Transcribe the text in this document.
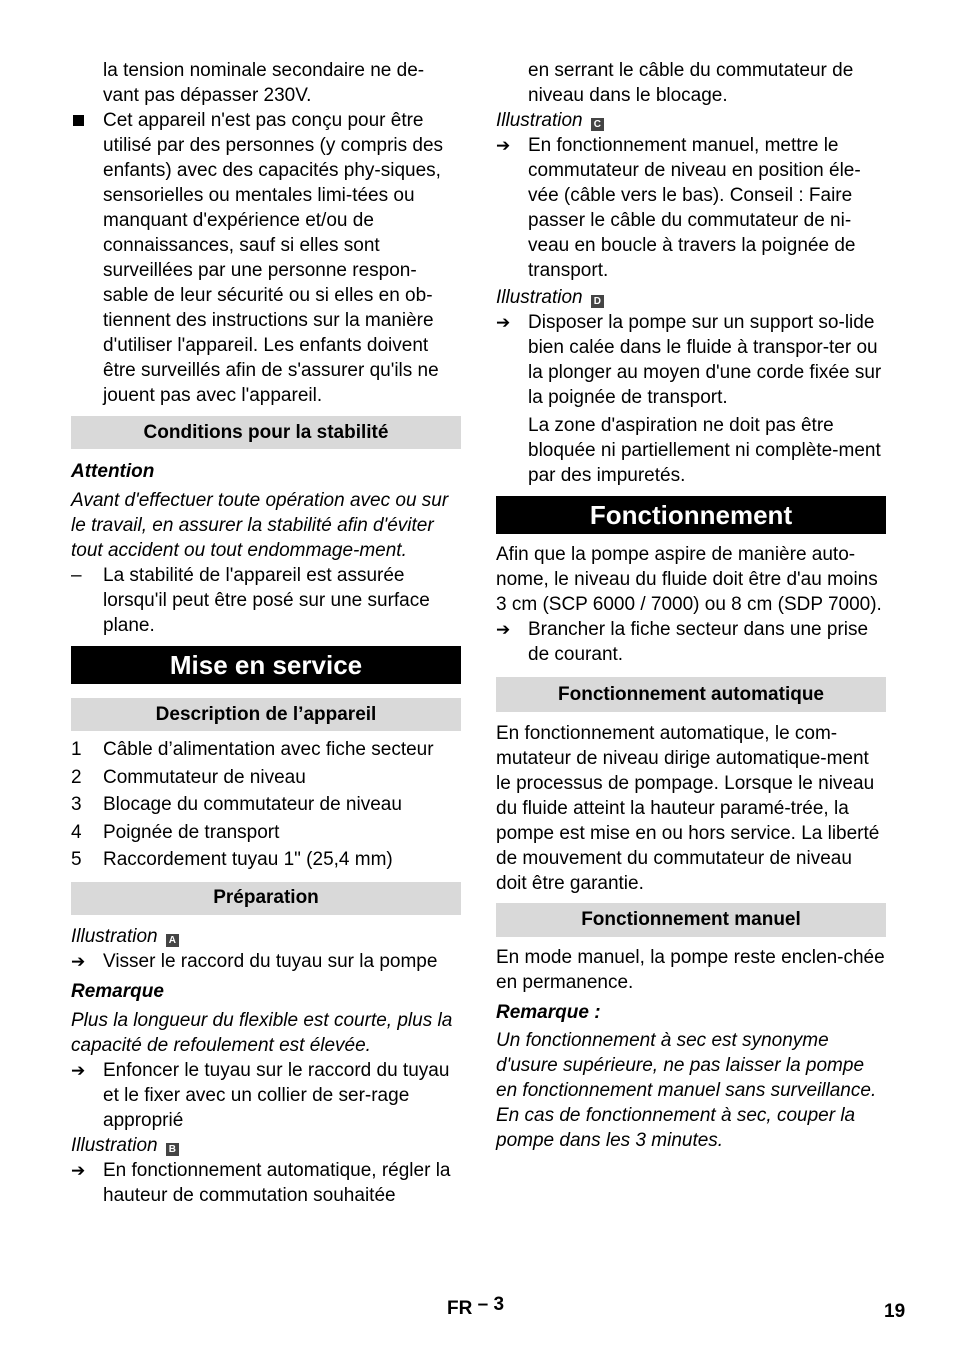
la tension nominale secondaire ne de-
vant pas dépasser 230V.

Cet appareil n'est pas conçu pour être utilisé par des personnes (y compris des enfants) avec des capacités phy-siques, sensorielles ou mentales limi-tées ou manquant d'expérience et/ou de connaissances, sauf si elles sont surveillées par une personne respon-sable de leur sécurité ou si elles en ob-tiennent des instructions sur la manière d'utiliser l'appareil. Les enfants doivent être surveillés afin de s'assurer qu'ils ne jouent pas avec l'appareil.

Conditions pour la stabilité

Attention

Avant d'effectuer toute opération avec ou sur le travail, en assurer la stabilité afin d'éviter tout accident ou tout endommage-ment.

–	La stabilité de l'appareil est assurée lorsqu'il peut être posé sur une surface plane.

Mise en service
Description de l’appareil
1	Câble d’alimentation avec fiche secteur
2	Commutateur de niveau
3	Blocage du commutateur de niveau
4	Poignée de transport
5	Raccordement tuyau 1" (25,4 mm)
Préparation

Illustration A

➔ Visser le raccord du tuyau sur la pompe

Remarque

Plus la longueur du flexible est courte, plus la capacité de refoulement est élevée.

➔ Enfoncer le tuyau sur le raccord du tuyau et le fixer avec un collier de ser-rage approprié

Illustration B

➔ En fonctionnement automatique, régler la hauteur de commutation souhaitée

en serrant le câble du commutateur de niveau dans le blocage.

Illustration C

➔ En fonctionnement manuel, mettre le commutateur de niveau en position éle-vée (câble vers le bas). Conseil : Faire passer le câble du commutateur de ni-veau en boucle à travers la poignée de transport.

Illustration D

➔ Disposer la pompe sur un support so-lide bien calée dans le fluide à transpor-ter ou la plonger au moyen d'une corde fixée sur la poignée de transport.

La zone d'aspiration ne doit pas être bloquée ni partiellement ni complète-ment par des impuretés.

Fonctionnement

Afin que la pompe aspire de manière auto-nome, le niveau du fluide doit être d'au moins 3 cm (SCP 6000 / 7000) ou 8 cm (SDP 7000).

➔ Brancher la fiche secteur dans une prise de courant.

Fonctionnement automatique

En fonctionnement automatique, le com-mutateur de niveau dirige automatique-ment le processus de pompage. Lorsque le niveau du fluide atteint la hauteur paramé-trée, la pompe est mise en ou hors service. La liberté de mouvement du commutateur de niveau doit être garantie.

Fonctionnement manuel

En mode manuel, la pompe reste enclen-chée en permanence.

Remarque :

Un fonctionnement à sec est synonyme d'usure supérieure, ne pas laisser la pompe en fonctionnement manuel sans surveillance. En cas de fonctionnement à sec, couper la pompe dans les 3 minutes.

FR – 3	19
